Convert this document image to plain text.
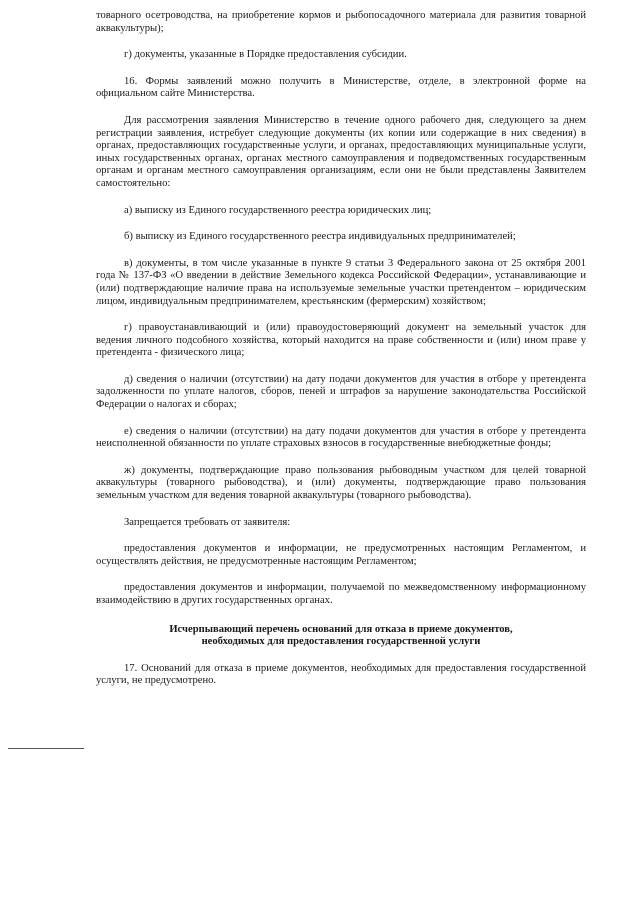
товарного осетроводства, на приобретение кормов и рыбопосадочного материала для развития товарной аквакультуры);

г) документы, указанные в Порядке предоставления субсидии.

16. Формы заявлений можно получить в Министерстве, отделе, в электронной форме на официальном сайте Министерства.

Для рассмотрения заявления Министерство в течение одного рабочего дня, следующего за днем регистрации заявления, истребует следующие документы (их копии или содержащие в них сведения) в органах, предоставляющих государственные услуги, и органах, предоставляющих муниципальные услуги, иных государственных органах, органах местного самоуправления и подведомственных государственным органам и органам местного самоуправления организациям, если они не были представлены Заявителем самостоятельно:

а) выписку из Единого государственного реестра юридических лиц;

б) выписку из Единого государственного реестра индивидуальных предпринимателей;

в) документы, в том числе указанные в пункте 9 статьи 3 Федерального закона от 25 октября 2001 года № 137-ФЗ «О введении в действие Земельного кодекса Российской Федерации», устанавливающие и (или) подтверждающие наличие права на используемые земельные участки претендентом – юридическим лицом, индивидуальным предпринимателем, крестьянским (фермерским) хозяйством;

г) правоустанавливающий и (или) правоудостоверяющий документ на земельный участок для ведения личного подсобного хозяйства, который находится на праве собственности и (или) ином праве у претендента - физического лица;

д) сведения о наличии (отсутствии) на дату подачи документов для участия в отборе у претендента задолженности по уплате налогов, сборов, пеней и штрафов за нарушение законодательства Российской Федерации о налогах и сборах;

е) сведения о наличии (отсутствии) на дату подачи документов для участия в отборе у претендента неисполненной обязанности по уплате страховых взносов в государственные внебюджетные фонды;

ж) документы, подтверждающие право пользования рыбоводным участком для целей товарной аквакультуры (товарного рыбоводства), и (или) документы, подтверждающие право пользования земельным участком для ведения товарной аквакультуры (товарного рыбоводства).

Запрещается требовать от заявителя:

предоставления документов и информации, не предусмотренных настоящим Регламентом, и осуществлять действия, не предусмотренные настоящим Регламентом;

предоставления документов и информации, получаемой по межведомственному информационному взаимодействию в других государственных органах.

Исчерпывающий перечень оснований для отказа в приеме документов, необходимых для предоставления государственной услуги

17. Оснований для отказа в приеме документов, необходимых для предоставления государственной услуги, не предусмотрено.
